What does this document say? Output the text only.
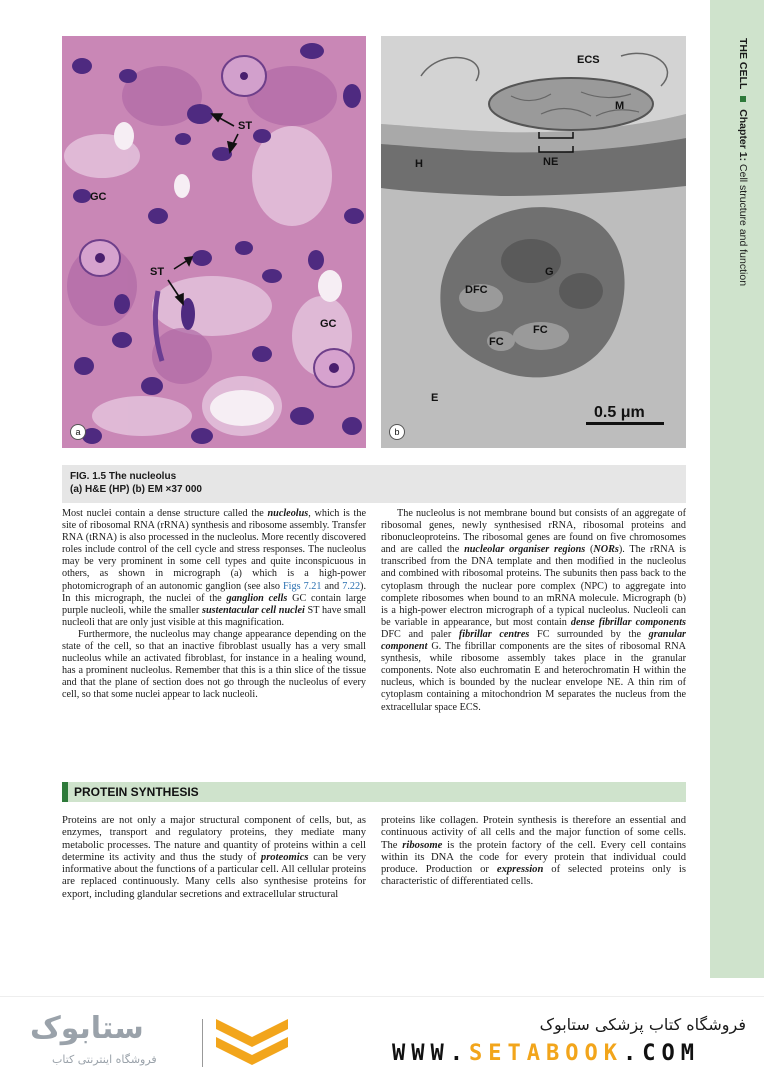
THE CELL  Chapter 1: Cell structure and function
ST
GC
ST
GC
a
ECS
M
NE
H
G
DFC
FC
FC
E
b
0.5 μm
FIG. 1.5 The nucleolus
(a) H&E (HP) (b) EM ×37 000

Most nuclei contain a dense structure called the nucleolus, which is the site of ribosomal RNA (rRNA) synthesis and ribosome assembly. Transfer RNA (tRNA) is also processed in the nucleolus. More recently discovered roles include control of the cell cycle and stress responses. The nucleolus may be very prominent in some cell types and quite inconspicuous in others, as shown in micrograph (a) which is a high-power photomicrograph of an autonomic ganglion (see also Figs 7.21 and 7.22). In this micrograph, the nuclei of the ganglion cells GC contain large purple nucleoli, while the smaller sustentacular cell nuclei ST have small nucleoli that are only just visible at this magnification.

Furthermore, the nucleolus may change appearance depending on the state of the cell, so that an inactive fibroblast usually has a very small nucleolus while an activated fibroblast, for instance in a healing wound, has a prominent nucleolus. Remember that this is a thin slice of the tissue and that the plane of section does not go through the nucleolus of every cell, so that some nuclei appear to lack nucleoli.

The nucleolus is not membrane bound but consists of an aggregate of ribosomal genes, newly synthesised rRNA, ribosomal proteins and ribonucleoproteins. The ribosomal genes are found on five chromosomes and are called the nucleolar organiser regions (NORs). The rRNA is transcribed from the DNA template and then modified in the nucleolus and combined with ribosomal proteins. The subunits then pass back to the cytoplasm through the nuclear pore complex (NPC) to aggregate into complete ribosomes when bound to an mRNA molecule. Micrograph (b) is a high-power electron micrograph of a typical nucleolus. Nucleoli can be variable in appearance, but most contain dense fibrillar components DFC and paler fibrillar centres FC surrounded by the granular component G. The fibrillar components are the sites of ribosomal RNA synthesis, while ribosome assembly takes place in the granular components. Note also euchromatin E and heterochromatin H within the nucleus, which is bounded by the nuclear envelope NE. A thin rim of cytoplasm containing a mitochondrion M separates the nucleus from the extracellular space ECS.

PROTEIN SYNTHESIS

Proteins are not only a major structural component of cells, but, as enzymes, transport and regulatory proteins, they mediate many metabolic processes. The nature and quantity of proteins within a cell determine its activity and thus the study of proteomics can be very informative about the functions of a particular cell. All cellular proteins are replaced continuously. Many cells also synthesise proteins for export, including glandular secretions and extracellular structural

proteins like collagen. Protein synthesis is therefore an essential and continuous activity of all cells and the major function of some cells. The ribosome is the protein factory of the cell. Every cell contains within its DNA the code for every protein that individual could produce. Production or expression of selected proteins only is characteristic of differentiated cells.

ستابوک
فروشگاه اینترنتی کتاب
فروشگاه کتاب پزشکی ستابوک
WWW.SETABOOK.COM
